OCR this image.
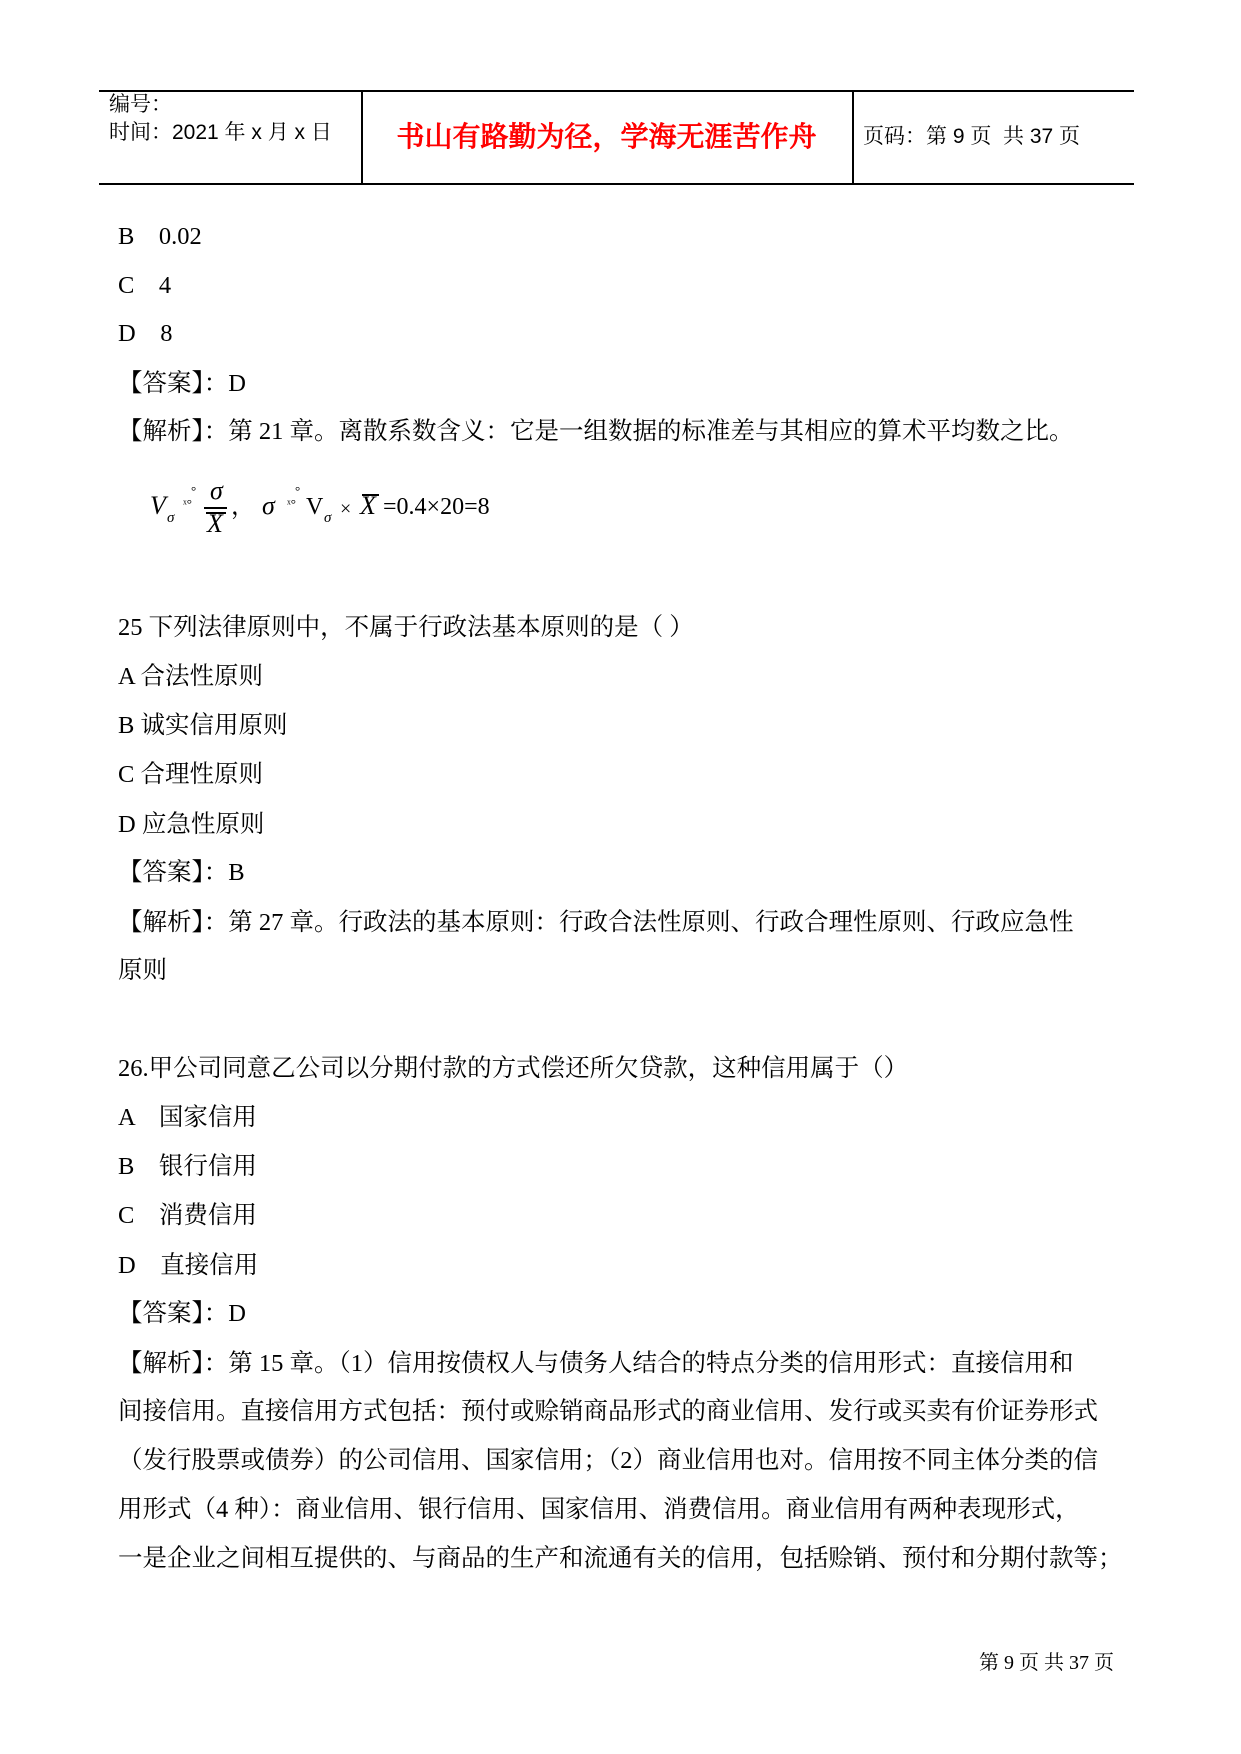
编号：
时间：2021 年 x 月 x 日	书山有路勤为径，学海无涯苦作舟	页码：第 9 页  共 37 页
B　0.02
C　4
D　8
【答案】：D
【解析】：第 21 章。离散系数含义：它是一组数据的标准差与其相应的算术平均数之比。
V σ
°
ˣ° σ
X
， σ
°
ˣ° V σ × X =0.4×20=8
25 下列法律原则中，不属于行政法基本原则的是（ ）
A 合法性原则
B 诚实信用原则
C 合理性原则
D 应急性原则
【答案】：B
【解析】：第 27 章。行政法的基本原则：行政合法性原则、行政合理性原则、行政应急性
原则
26.甲公司同意乙公司以分期付款的方式偿还所欠贷款，这种信用属于（）
A　国家信用
B　银行信用
C　消费信用
D　直接信用
【答案】：D
【解析】：第 15 章。（1）信用按债权人与债务人结合的特点分类的信用形式：直接信用和
间接信用。直接信用方式包括：预付或赊销商品形式的商业信用、发行或买卖有价证券形式
（发行股票或债券）的公司信用、国家信用；（2）商业信用也对。信用按不同主体分类的信
用形式（4 种）：商业信用、银行信用、国家信用、消费信用。商业信用有两种表现形式，
一是企业之间相互提供的、与商品的生产和流通有关的信用，包括赊销、预付和分期付款等；
第 9 页 共 37 页
